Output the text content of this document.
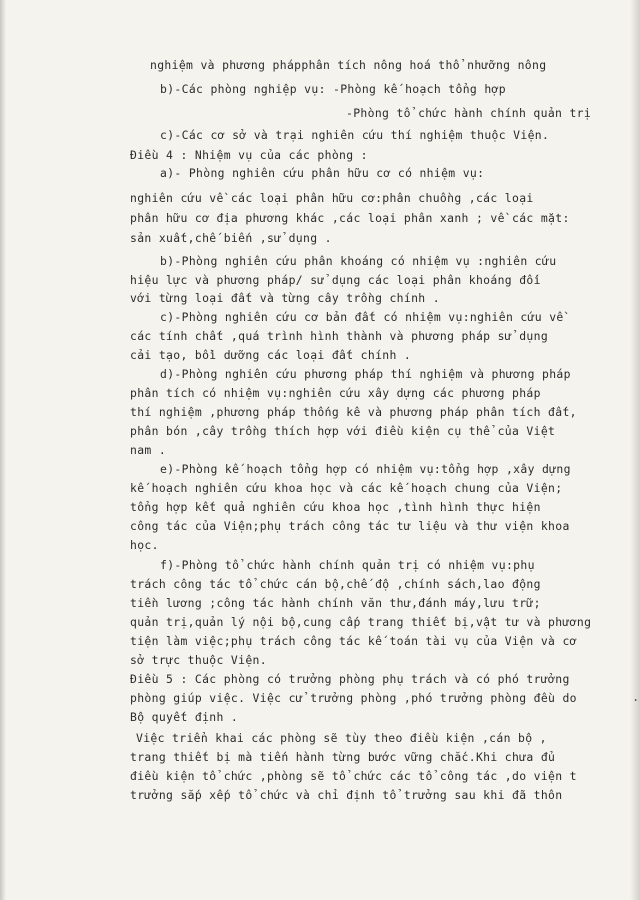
nghiệm và phương phápphân tích nông hoá thổ nhưỡng nông
b)-Các phòng nghiệp vụ: -Phòng kế hoạch tổng hợp
-Phòng tổ chức hành chính quản trị
c)-Các cơ sở và trại nghiên cứu thí nghiệm thuộc Viện.
Điều 4 : Nhiệm vụ của các phòng :
a)- Phòng nghiên cứu phân hữu cơ có nhiệm vụ:
nghiên cứu về các loại phân hữu cơ:phân chuồng ,các loại
phân hữu cơ địa phương khác ,các loại phân xanh ; về các mặt:
sản xuất,chế biến ,sử dụng .
b)-Phòng nghiên cứu phân khoáng có nhiệm vụ :nghiên cứu
hiệu lực và phương pháp/ sử dụng các loại phân khoáng đối
với từng loại đất và từng cây trồng chính .
c)-Phòng nghiên cứu cơ bản đất có nhiệm vụ:nghiên cứu về
các tính chất ,quá trình hình thành và phương pháp sử dụng
cải tạo, bồi dưỡng các loại đất chính .
d)-Phòng nghiên cứu phương pháp thí nghiệm và phương pháp
phân tích có nhiệm vụ:nghiên cứu xây dựng các phương pháp
thí nghiệm ,phương pháp thống kê và phương pháp phân tích đất,
phân bón ,cây trồng thích hợp với điều kiện cụ thể của Việt
nam .
e)-Phòng kế hoạch tổng hợp có nhiệm vụ:tổng hợp ,xây dựng
kế hoạch nghiên cứu khoa học và các kế hoạch chung của Viện;
tổng hợp kết quả nghiên cứu khoa học ,tình hình thực hiện
công tác của Viện;phụ trách công tác tư liệu và thư viện khoa
học.
f)-Phòng tổ chức hành chính quản trị có nhiệm vụ:phụ
trách công tác tổ chức cán bộ,chế độ ,chính sách,lao động
tiền lương ;công tác hành chính văn thư,đánh máy,lưu trữ;
quản trị,quản lý nội bộ,cung cấp trang thiết bị,vật tư và phương
tiện làm việc;phụ trách công tác kế toán tài vụ của Viện và cơ
sở trực thuộc Viện.
Điều 5 : Các phòng có trưởng phòng phụ trách và có phó trưởng
phòng giúp việc. Việc cử trưởng phòng ,phó trưởng phòng đều do
Bộ quyết định .
Việc triển khai các phòng sẽ tùy theo điều kiện ,cán bộ ,
trang thiết bị mà tiến hành từng bước vững chắc.Khi chưa đủ
điều kiện tổ chức ,phòng sẽ tổ chức các tổ công tác ,do viện t
trưởng sắp xếp tổ chức và chỉ định tổ trưởng sau khi đã thôn
.
